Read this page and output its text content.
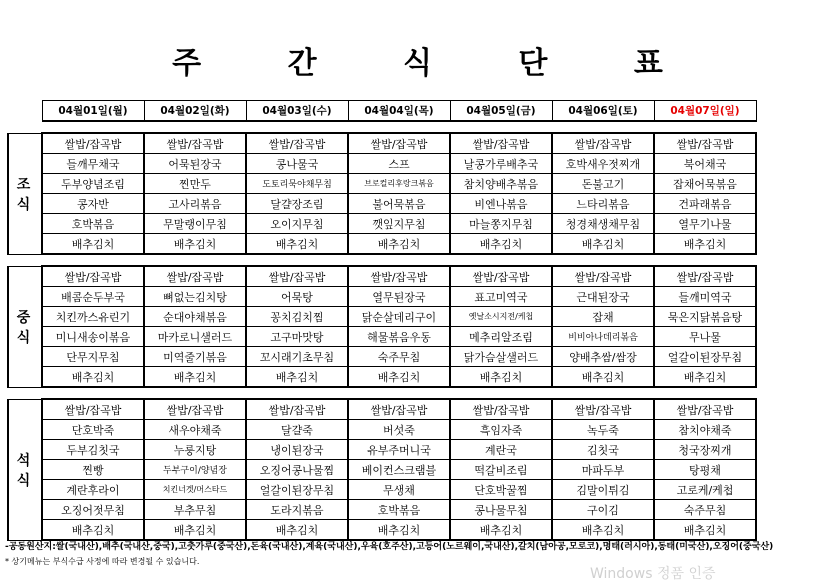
주 간 식 단 표
	04월01일(월)	04월02일(화)	04월03일(수)	04월04일(목)	04월05일(금)	04월06일(토)	04월07일(일)

조식	쌀밥/잡곡밥	쌀밥/잡곡밥	쌀밥/잡곡밥	쌀밥/잡곡밥	쌀밥/잡곡밥	쌀밥/잡곡밥	쌀밥/잡곡밥
	들깨무채국	어묵된장국	콩나물국	스프	날콩가루배추국	호박새우젓찌개	북어채국
	두부양념조림	찐만두	도토리묵야채무침	브로컬리후랑크볶음	참치양배추볶음	돈불고기	잡채어묵볶음
	콩자반	고사리볶음	달걀장조림	불어묵볶음	비엔나볶음	느타리볶음	건파래볶음
	호박볶음	무말랭이무침	오이지무침	깻잎지무침	마늘쫑지무침	청경채생채무침	열무기나물
	배추김치	배추김치	배추김치	배추김치	배추김치	배추김치	배추김치

중식	쌀밥/잡곡밥	쌀밥/잡곡밥	쌀밥/잡곡밥	쌀밥/잡곡밥	쌀밥/잡곡밥	쌀밥/잡곡밥	쌀밥/잡곡밥
	배콤순두부국	뼈없는김치탕	어묵탕	열무된장국	표고미역국	근대된장국	들깨미역국
	치킨까스유린기	순대야채볶음	꽁치김치찜	닭순살데리구이	옛날소시지전/케첩	잡채	묵은지닭볶음탕
	미니새송이볶음	마카로니샐러드	고구마맛탕	해물볶음우동	메추리알조림	비비아나데리볶음	무나물
	단무지무침	미역줄기볶음	꼬시래기초무침	숙주무침	닭가슴살샐러드	양배추쌈/쌈장	얼갈이된장무침
	배추김치	배추김치	배추김치	배추김치	배추김치	배추김치	배추김치

석식	쌀밥/잡곡밥	쌀밥/잡곡밥	쌀밥/잡곡밥	쌀밥/잡곡밥	쌀밥/잡곡밥	쌀밥/잡곡밥	쌀밥/잡곡밥
	단호박죽	새우야채죽	달걀죽	버섯죽	흑임자죽	녹두죽	참치야채죽
	두부김칫국	누룽지탕	냉이된장국	유부주머니국	계란국	김칫국	청국장찌개
	찐빵	두부구이/양념장	오징어콩나물찜	베이컨스크램블	떡갈비조림	마파두부	탕평채
	계란후라이	치킨너겟/머스타드	얼갈이된장무침	무생채	단호박꿀찜	김말이튀김	고로케/케첩
	오징어젓무침	부추무침	도라지볶음	호박볶음	콩나물무침	구이김	숙주무침
	배추김치	배추김치	배추김치	배추김치	배추김치	배추김치	배추김치
-공동원산지:쌀(국내산),배추(국내산,중국),고춧가루(중국산),돈육(국내산),계육(국내산),우육(호주산),고등어(노르웨이,국내산),갈치(남아공,모로코),명태(러시아),동태(미국산),오징어(중국산)
* 상기메뉴는 부식수급 사정에 따라 변경될 수 있습니다.
Windows 정품 인증
